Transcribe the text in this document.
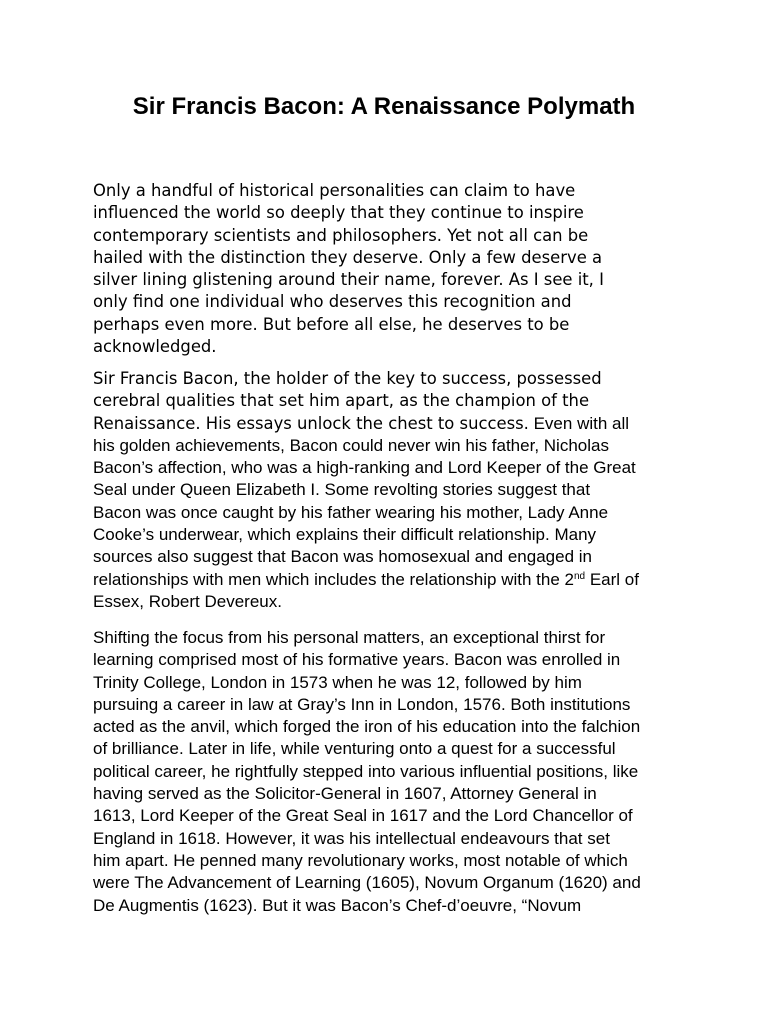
Sir Francis Bacon: A Renaissance Polymath

Only a handful of historical personalities can claim to have
influenced the world so deeply that they continue to inspire
contemporary scientists and philosophers. Yet not all can be
hailed with the distinction they deserve. Only a few deserve a
silver lining glistening around their name, forever. As I see it, I
only find one individual who deserves this recognition and
perhaps even more. But before all else, he deserves to be
acknowledged.

Sir Francis Bacon, the holder of the key to success, possessed
cerebral qualities that set him apart, as the champion of the
Renaissance. His essays unlock the chest to success. Even with all
his golden achievements, Bacon could never win his father, Nicholas
Bacon’s affection, who was a high-ranking and Lord Keeper of the Great
Seal under Queen Elizabeth I. Some revolting stories suggest that
Bacon was once caught by his father wearing his mother, Lady Anne
Cooke’s underwear, which explains their difficult relationship. Many
sources also suggest that Bacon was homosexual and engaged in
relationships with men which includes the relationship with the 2nd Earl of
Essex, Robert Devereux.

Shifting the focus from his personal matters, an exceptional thirst for
learning comprised most of his formative years. Bacon was enrolled in
Trinity College, London in 1573 when he was 12, followed by him
pursuing a career in law at Gray’s Inn in London, 1576. Both institutions
acted as the anvil, which forged the iron of his education into the falchion
of brilliance. Later in life, while venturing onto a quest for a successful
political career, he rightfully stepped into various influential positions, like
having served as the Solicitor-General in 1607, Attorney General in
1613, Lord Keeper of the Great Seal in 1617 and the Lord Chancellor of
England in 1618. However, it was his intellectual endeavours that set
him apart. He penned many revolutionary works, most notable of which
were The Advancement of Learning (1605), Novum Organum (1620) and
De Augmentis (1623). But it was Bacon’s Chef-d’oeuvre, “Novum
